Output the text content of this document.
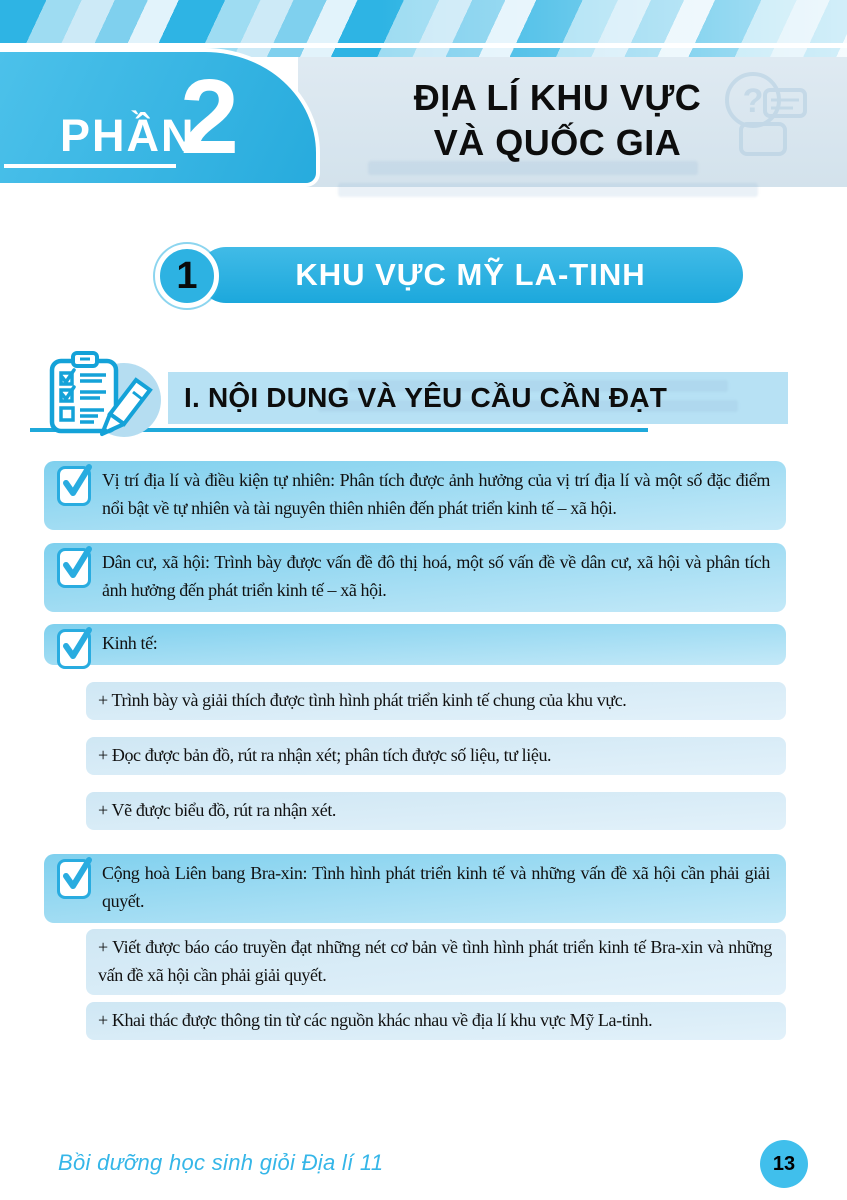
?
ĐỊA LÍ KHU VỰC
VÀ QUỐC GIA
PHẦN
2
KHU VỰC MỸ LA-TINH
1
I. NỘI DUNG VÀ YÊU CẦU CẦN ĐẠT
Vị trí địa lí và điều kiện tự nhiên: Phân tích được ảnh hưởng của vị trí địa lí và một số đặc điểm nổi bật về tự nhiên và tài nguyên thiên nhiên đến phát triển kinh tế – xã hội.
Dân cư, xã hội: Trình bày được vấn đề đô thị hoá, một số vấn đề về dân cư, xã hội và phân tích ảnh hưởng đến phát triển kinh tế – xã hội.
Kinh tế:
+ Trình bày và giải thích được tình hình phát triển kinh tế chung của khu vực.
+ Đọc được bản đồ, rút ra nhận xét; phân tích được số liệu, tư liệu.
+ Vẽ được biểu đồ, rút ra nhận xét.
Cộng hoà Liên bang Bra-xin: Tình hình phát triển kinh tế và những vấn đề xã hội cần phải giải quyết.
+ Viết được báo cáo truyền đạt những nét cơ bản về tình hình phát triển kinh tế Bra-xin và những vấn đề xã hội cần phải giải quyết.
+ Khai thác được thông tin từ các nguồn khác nhau về địa lí khu vực Mỹ La-tinh.
Bồi dưỡng học sinh giỏi Địa lí 11	13
